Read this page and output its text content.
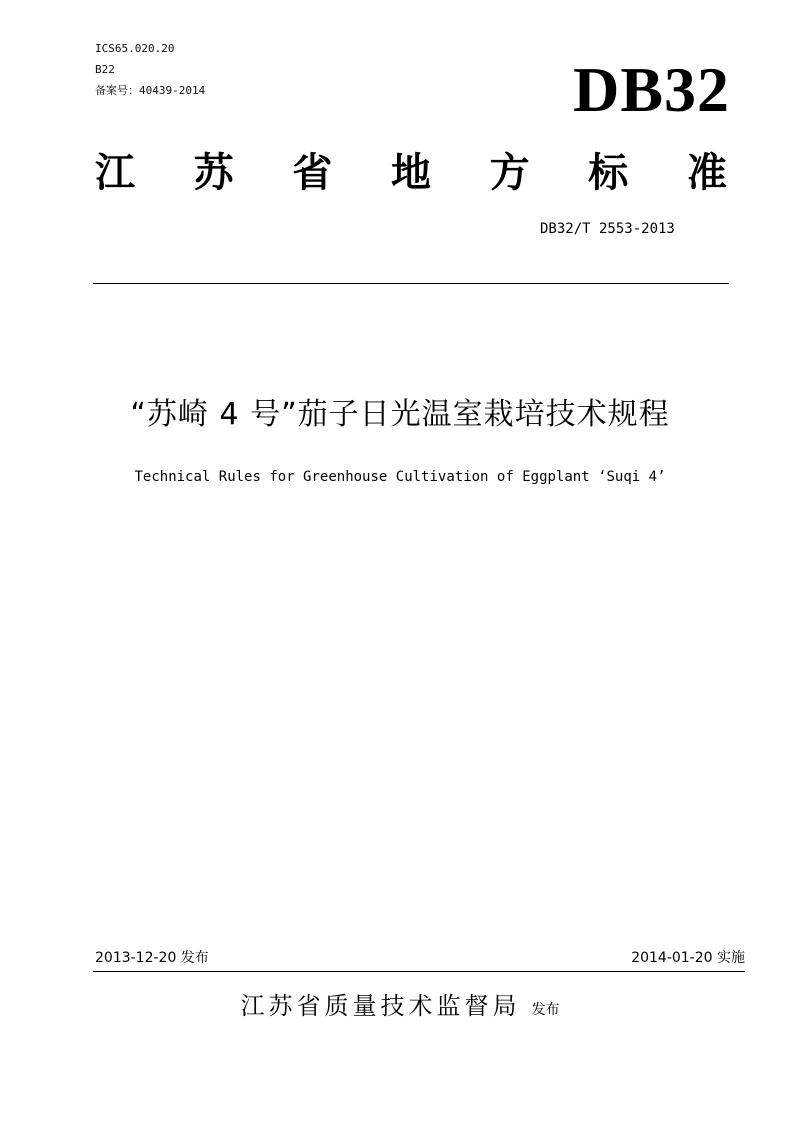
ICS65.020.20
B22
备案号：40439-2014	DB32
江 苏 省 地 方 标 准
DB32/T 2553-2013
“苏崎 4 号”茄子日光温室栽培技术规程
Technical Rules for Greenhouse Cultivation of Eggplant ‘Suqi 4’
2013-12-20 发布	2014-01-20 实施
江苏省质量技术监督局 发布
